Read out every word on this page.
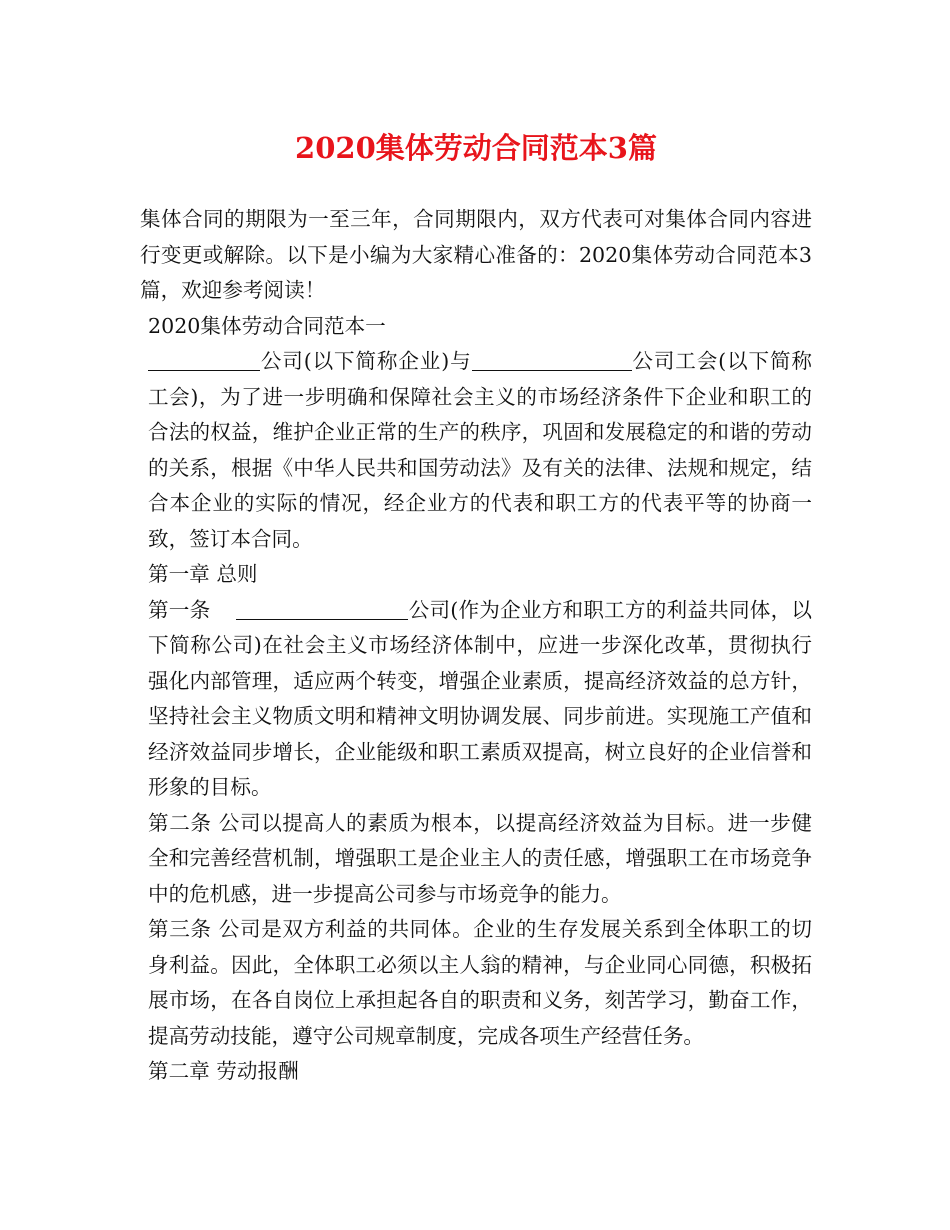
2020集体劳动合同范本3篇

集体合同的期限为一至三年，合同期限内，双方代表可对集体合同内容进行变更或解除。以下是小编为大家精心准备的：2020集体劳动合同范本3篇，欢迎参考阅读！

2020集体劳动合同范本一

公司(以下简称企业)与	公司工会(以下简称工会)，为了进一步明确和保障社会主义的市场经济条件下企业和职工的合法的权益，维护企业正常的生产的秩序，巩固和发展稳定的和谐的劳动的关系，根据《中华人民共和国劳动法》及有关的法律、法规和规定，结合本企业的实际的情况，经企业方的代表和职工方的代表平等的协商一致，签订本合同。

第一章 总则

第一条	公司(作为企业方和职工方的利益共同体，以下简称公司)在社会主义市场经济体制中，应进一步深化改革，贯彻执行强化内部管理，适应两个转变，增强企业素质，提高经济效益的总方针，坚持社会主义物质文明和精神文明协调发展、同步前进。实现施工产值和经济效益同步增长，企业能级和职工素质双提高，树立良好的企业信誉和形象的目标。

第二条 公司以提高人的素质为根本，以提高经济效益为目标。进一步健全和完善经营机制，增强职工是企业主人的责任感，增强职工在市场竞争中的危机感，进一步提高公司参与市场竞争的能力。

第三条 公司是双方利益的共同体。企业的生存发展关系到全体职工的切身利益。因此，全体职工必须以主人翁的精神，与企业同心同德，积极拓展市场，在各自岗位上承担起各自的职责和义务，刻苦学习，勤奋工作，提高劳动技能，遵守公司规章制度，完成各项生产经营任务。

第二章 劳动报酬
